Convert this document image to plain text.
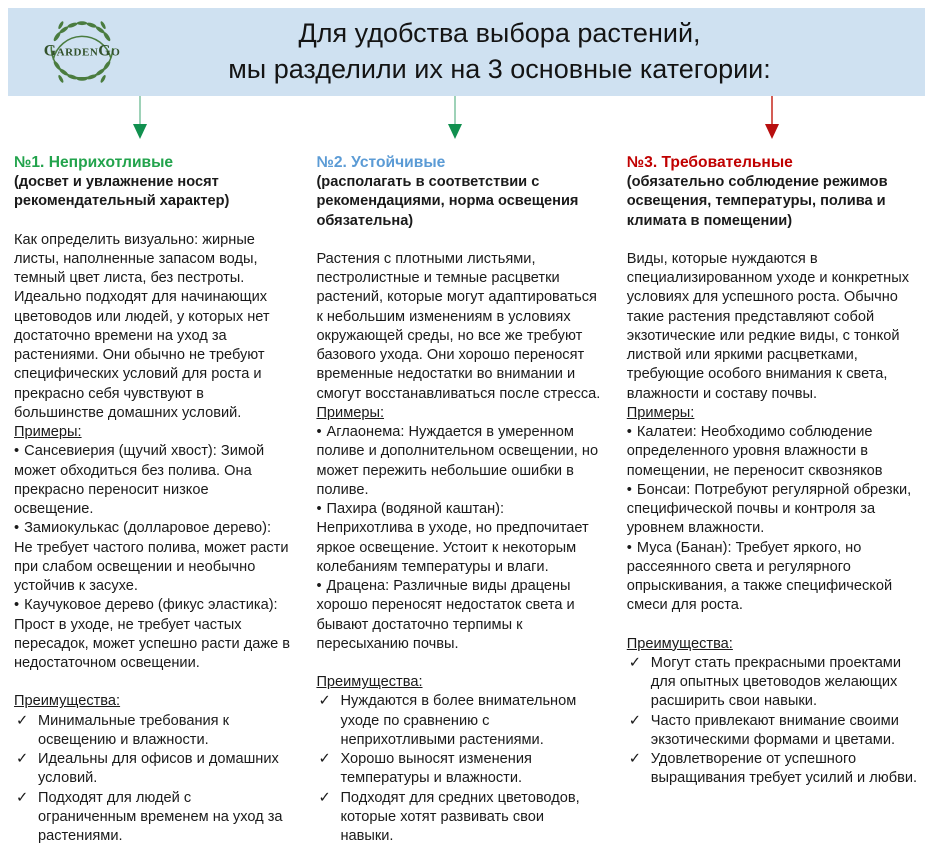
GardenGo
Для удобства выбора растений,
мы разделили их на 3 основные категории:
№1. Неприхотливые
(досвет и увлажнение носят рекомендательный характер)
Как определить визуально: жирные листы, наполненные запасом воды, темный цвет листа, без пестроты. Идеально подходят для начинающих цветоводов или людей, у которых нет достаточно времени на уход за растениями. Они обычно не требуют специфических условий для роста и прекрасно себя чувствуют в большинстве домашних условий.
Примеры:
• Сансевиерия (щучий хвост): Зимой может обходиться без полива. Она прекрасно переносит низкое освещение.
• Замиокулькас (долларовое дерево): Не требует частого полива, может расти при слабом освещении и необычно устойчив к засухе.
• Каучуковое дерево (фикус эластика): Прост в уходе, не требует частых пересадок, может успешно расти даже в недостаточном освещении.
Преимущества:
✓ Минимальные требования к освещению и влажности.
✓ Идеальны для офисов и домашних условий.
✓ Подходят для людей с ограниченным временем на уход за растениями.
№2. Устойчивые
(располагать в соответствии с рекомендациями, норма освещения обязательна)
Растения с плотными листьями, пестролистные и темные расцветки растений, которые могут адаптироваться к небольшим изменениям в условиях окружающей среды, но все же требуют базового ухода. Они хорошо переносят временные недостатки во внимании и смогут восстанавливаться после стресса.
Примеры:
• Аглаонема: Нуждается в умеренном поливе и дополнительном освещении, но может пережить небольшие ошибки в поливе.
• Пахира (водяной каштан): Неприхотлива в уходе, но предпочитает яркое освещение. Устоит к некоторым колебаниям температуры и влаги.
• Драцена: Различные виды драцены хорошо переносят недостаток света и бывают достаточно терпимы к пересыханию почвы.
Преимущества:
✓ Нуждаются в более внимательном уходе по сравнению с неприхотливыми растениями.
✓ Хорошо выносят изменения температуры и влажности.
✓ Подходят для средних цветоводов, которые хотят развивать свои навыки.
№3. Требовательные
(обязательно соблюдение режимов освещения, температуры, полива и климата в помещении)
Виды, которые нуждаются в специализированном уходе и конкретных условиях для успешного роста. Обычно такие растения представляют собой экзотические или редкие виды, с тонкой листвой или яркими расцветками, требующие особого внимания к света, влажности и составу почвы.
Примеры:
• Калатеи: Необходимо соблюдение определенного уровня влажности в помещении, не переносит сквозняков
• Бонсаи: Потребуют регулярной обрезки, специфической почвы и контроля за уровнем влажности.
• Муса (Банан): Требует яркого, но рассеянного света и регулярного опрыскивания, а также специфической смеси для роста.
Преимущества:
✓ Могут стать прекрасными проектами для опытных цветоводов желающих расширить свои навыки.
✓ Часто привлекают внимание своими экзотическими формами и цветами.
✓ Удовлетворение от успешного выращивания требует усилий и любви.
